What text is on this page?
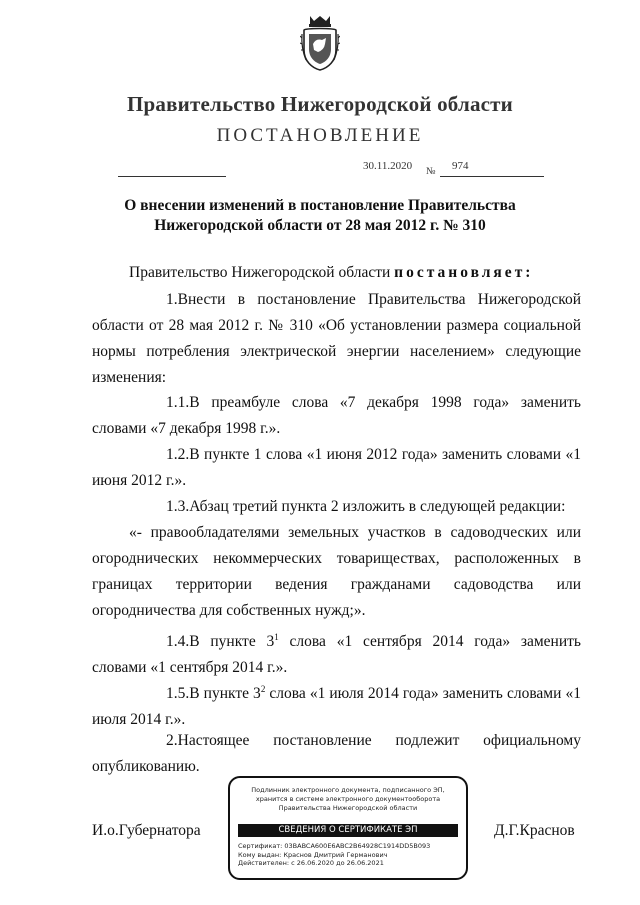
Правительство Нижегородской области
ПОСТАНОВЛЕНИЕ
30.11.2020 № 974
О внесении изменений в постановление Правительства Нижегородской области от 28 мая 2012 г. № 310
Правительство Нижегородской области постановляет:
1.Внести в постановление Правительства Нижегородской области от 28 мая 2012 г. № 310 «Об установлении размера социальной нормы потребления электрической энергии населением» следующие изменения:
1.1.В преамбуле слова «7 декабря 1998 года» заменить словами «7 декабря 1998 г.».
1.2.В пункте 1 слова «1 июня 2012 года» заменить словами «1 июня 2012 г.».
1.3.Абзац третий пункта 2 изложить в следующей редакции:
«- правообладателями земельных участков в садоводческих или огороднических некоммерческих товариществах, расположенных в границах территории ведения гражданами садоводства или огородничества для собственных нужд;».
1.4.В пункте $3^1$ слова «1 сентября 2014 года» заменить словами «1 сентября 2014 г.».
1.5.В пункте $3^2$ слова «1 июля 2014 года» заменить словами «1 июля 2014 г.».
2.Настоящее постановление подлежит официальному опубликованию.
И.о.Губернатора
Подлинник электронного документа, подписанного ЭП, хранится в системе электронного документооборота Правительства Нижегородской области
СВЕДЕНИЯ О СЕРТИФИКАТЕ ЭП
Сертификат: 03BABCA600E6ABC2B64928C1914DD5B093
Кому выдан: Краснов Дмитрий Германович
Действителен: с 26.06.2020 до 26.06.2021
Д.Г.Краснов
